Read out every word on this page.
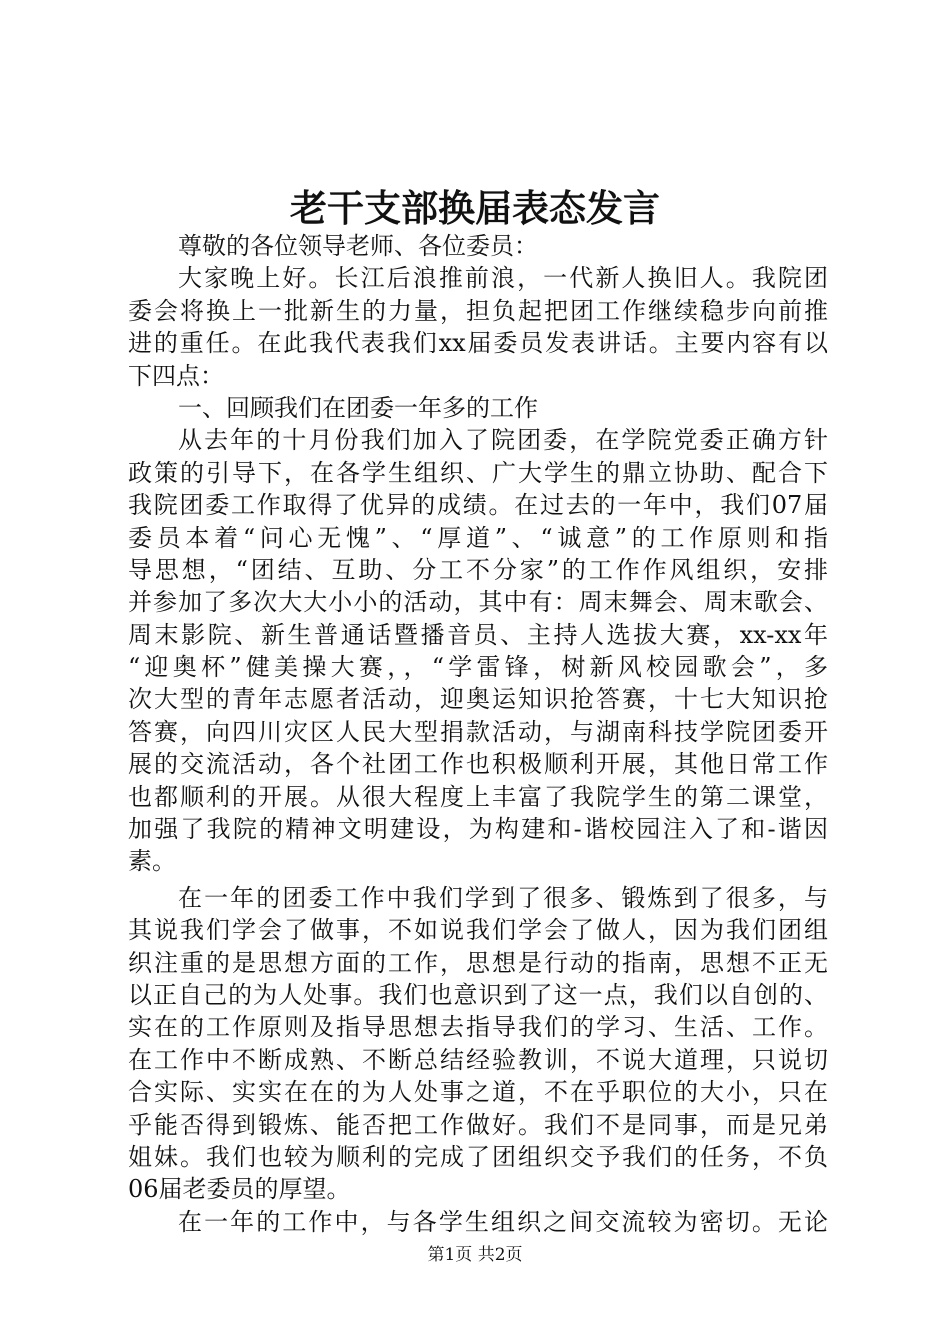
老干支部换届表态发言
尊敬的各位领导老师、各位委员：
大家晚上好。长江后浪推前浪，一代新人换旧人。我院团
委会将换上一批新生的力量，担负起把团工作继续稳步向前推
进的重任。在此我代表我们xx届委员发表讲话。主要内容有以
下四点：
一、回顾我们在团委一年多的工作
从去年的十月份我们加入了院团委，在学院党委正确方针
政策的引导下，在各学生组织、广大学生的鼎立协助、配合下
我院团委工作取得了优异的成绩。在过去的一年中，我们07届
委员本着“问心无愧”、“厚道”、“诚意”的工作原则和指
导思想，“团结、互助、分工不分家”的工作作风组织，安排
并参加了多次大大小小的活动，其中有：周末舞会、周末歌会、
周末影院、新生普通话暨播音员、主持人选拔大赛，xx-xx年
“迎奥杯”健美操大赛，，“学雷锋，树新风校园歌会”，多
次大型的青年志愿者活动，迎奥运知识抢答赛，十七大知识抢
答赛，向四川灾区人民大型捐款活动，与湖南科技学院团委开
展的交流活动，各个社团工作也积极顺利开展，其他日常工作
也都顺利的开展。从很大程度上丰富了我院学生的第二课堂，
加强了我院的精神文明建设，为构建和-谐校园注入了和-谐因
素。
在一年的团委工作中我们学到了很多、锻炼到了很多，与
其说我们学会了做事，不如说我们学会了做人，因为我们团组
织注重的是思想方面的工作，思想是行动的指南，思想不正无
以正自己的为人处事。我们也意识到了这一点，我们以自创的、
实在的工作原则及指导思想去指导我们的学习、生活、工作。
在工作中不断成熟、不断总结经验教训，不说大道理，只说切
合实际、实实在在的为人处事之道，不在乎职位的大小，只在
乎能否得到锻炼、能否把工作做好。我们不是同事，而是兄弟
姐妹。我们也较为顺利的完成了团组织交予我们的任务，不负
06届老委员的厚望。
在一年的工作中，与各学生组织之间交流较为密切。无论
第1页 共2页
